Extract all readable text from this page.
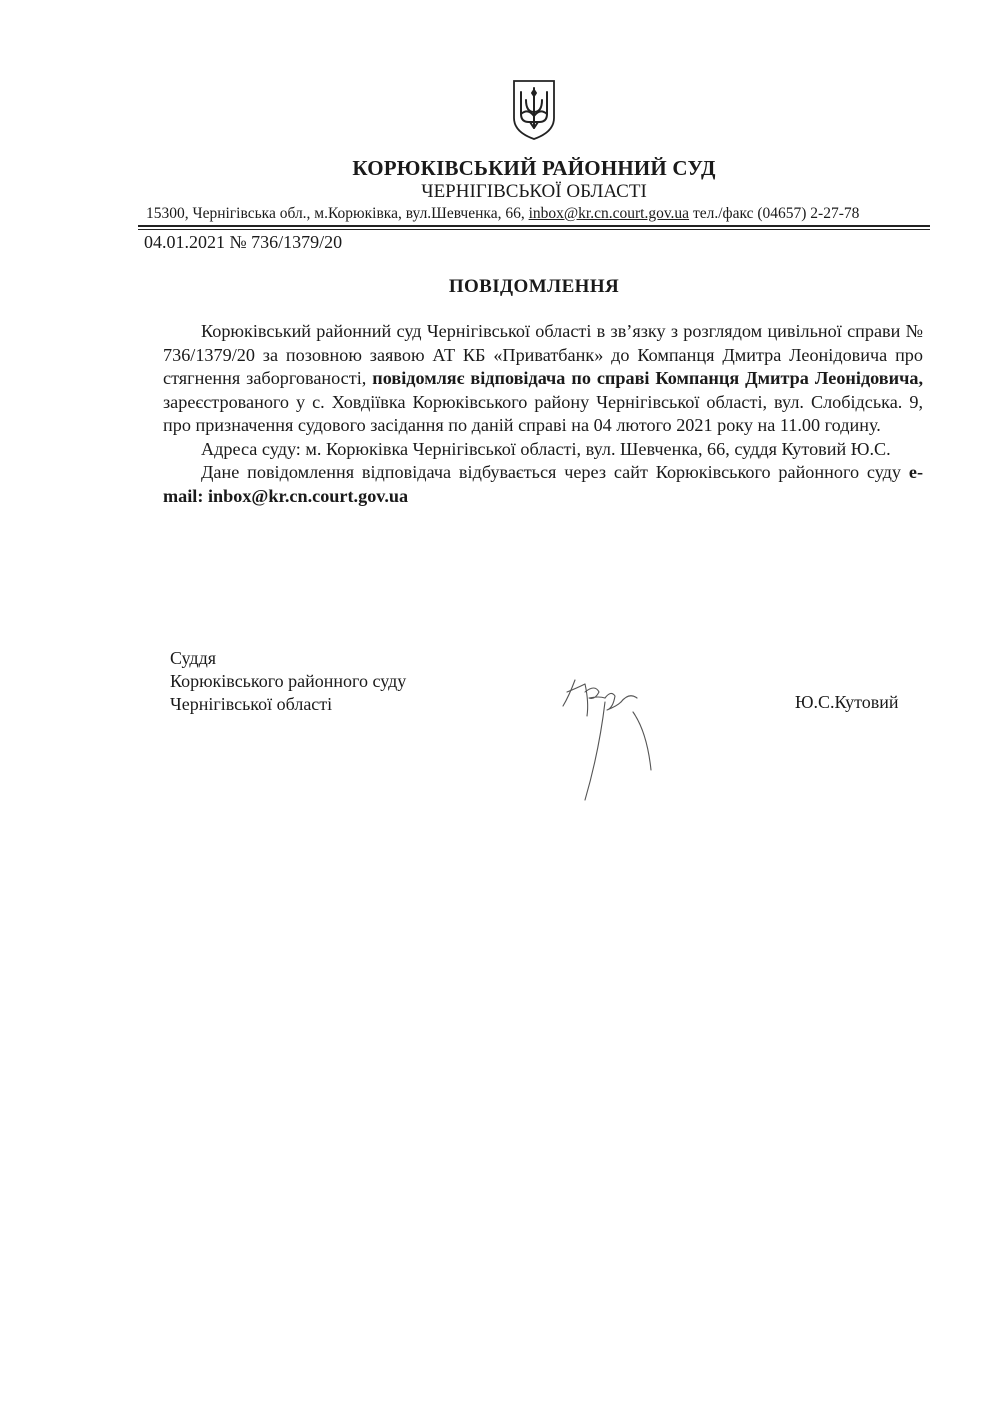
КОРЮКІВСЬКИЙ РАЙОННИЙ СУД
ЧЕРНІГІВСЬКОЇ ОБЛАСТІ
15300, Чернігівська обл., м.Корюківка, вул.Шевченка, 66, inbox@kr.cn.court.gov.ua тел./факс (04657) 2-27-78
04.01.2021 № 736/1379/20
ПОВІДОМЛЕННЯ

Корюківський районний суд Чернігівської області в зв’язку з розглядом цивільної справи № 736/1379/20 за позовною заявою АТ КБ «Приватбанк» до Компанця Дмитра Леонідовича про стягнення заборгованості, повідомляє відповідача по справі Компанця Дмитра Леонідовича, зареєстрованого у с. Ховдіївка Корюківського району Чернігівської області, вул. Слобідська. 9, про призначення судового засідання по даній справі на 04 лютого 2021 року на 11.00 годину.

Адреса суду: м. Корюківка Чернігівської області, вул. Шевченка, 66, суддя Кутовий Ю.С.

Дане повідомлення відповідача відбувається через сайт Корюківського районного суду e-mail: inbox@kr.cn.court.gov.ua

Суддя
Корюківського районного суду
Чернігівської області	Ю.С.Кутовий
